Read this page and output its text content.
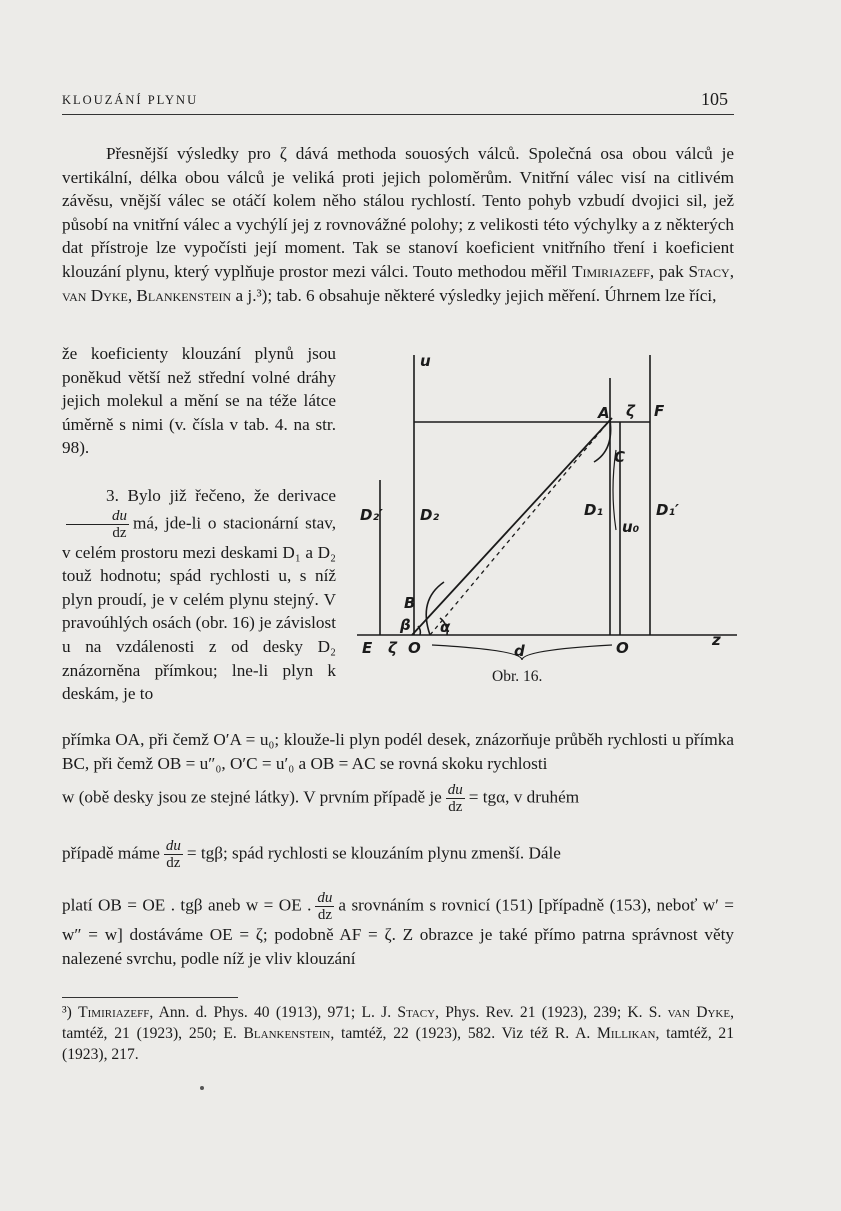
KLOUZÁNÍ PLYNU	105

Přesnější výsledky pro ζ dává methoda souosých válců. Společná osa obou válců je vertikální, délka obou válců je veliká proti jejich poloměrům. Vnitřní válec visí na citlivém závěsu, vnější válec se otáčí kolem něho stálou rychlostí. Tento pohyb vzbudí dvojici sil, jež působí na vnitřní válec a vychýlí jej z rovnovážné polohy; z velikosti této výchylky a z některých dat přístroje lze vypočísti její moment. Tak se stanoví koeficient vnitřního tření i koeficient klouzání plynu, který vyplňuje prostor mezi válci. Touto methodou měřil Timiriazeff, pak Stacy, van Dyke, Blankenstein a j.³); tab. 6 obsahuje některé výsledky jejich měření. Úhrnem lze říci,

že koeficienty klouzání plynů jsou poněkud větší než střední volné dráhy jejich molekul a mění se na téže látce úměrně s nimi (v. čísla v tab. 4. na str. 98).

3. Bylo již řečeno, že derivace
$\frac{du}{dz}$ má, jde-li o stacionární stav, v celém prostoru mezi deskami D₁ a D₂ touž hodnotu; spád rychlosti u, s níž plyn proudí, je v celém plynu stejný. V pravoúhlých osách (obr. 16) je závislost u na vzdálenosti z od desky D₂ znázorněna přímkou; lne-li plyn k deskám, je to

přímka OA, při čemž O′A = u₀; klouže-li plyn podél desek, znázorňuje průběh rychlosti u přímka BC, při čemž OB = u″₀, O′C = u′₀ a OB = AC se rovná skoku rychlosti

w (obě desky jsou ze stejné látky). V prvním případě je $\frac{du}{dz} = tg\alpha$, v druhém

případě máme $\frac{du}{dz} = tg\beta$; spád rychlosti se klouzáním plynu zmenší. Dále

platí OB = OE . tgβ aneb w = OE . $\frac{du}{dz}$ a srovnáním s rovnicí (151) [případně (153), neboť w′ = w″ = w] dostáváme OE = ζ; podobně AF = ζ. Z obrazce je také přímo patrna správnost věty nalezené svrchu, podle níž je vliv klouzání

u
D₂′ D₂	D₁	D₁′
A ζ F
C
u₀
B
β α
E ζ O	d	O	z
Obr. 16.

³) Timiriazeff, Ann. d. Phys. 40 (1913), 971; L. J. Stacy, Phys. Rev. 21 (1923), 239; K. S. van Dyke, tamtéž, 21 (1923), 250; E. Blankenstein, tamtéž, 22 (1923), 582. Viz též R. A. Millikan, tamtéž, 21 (1923), 217.
